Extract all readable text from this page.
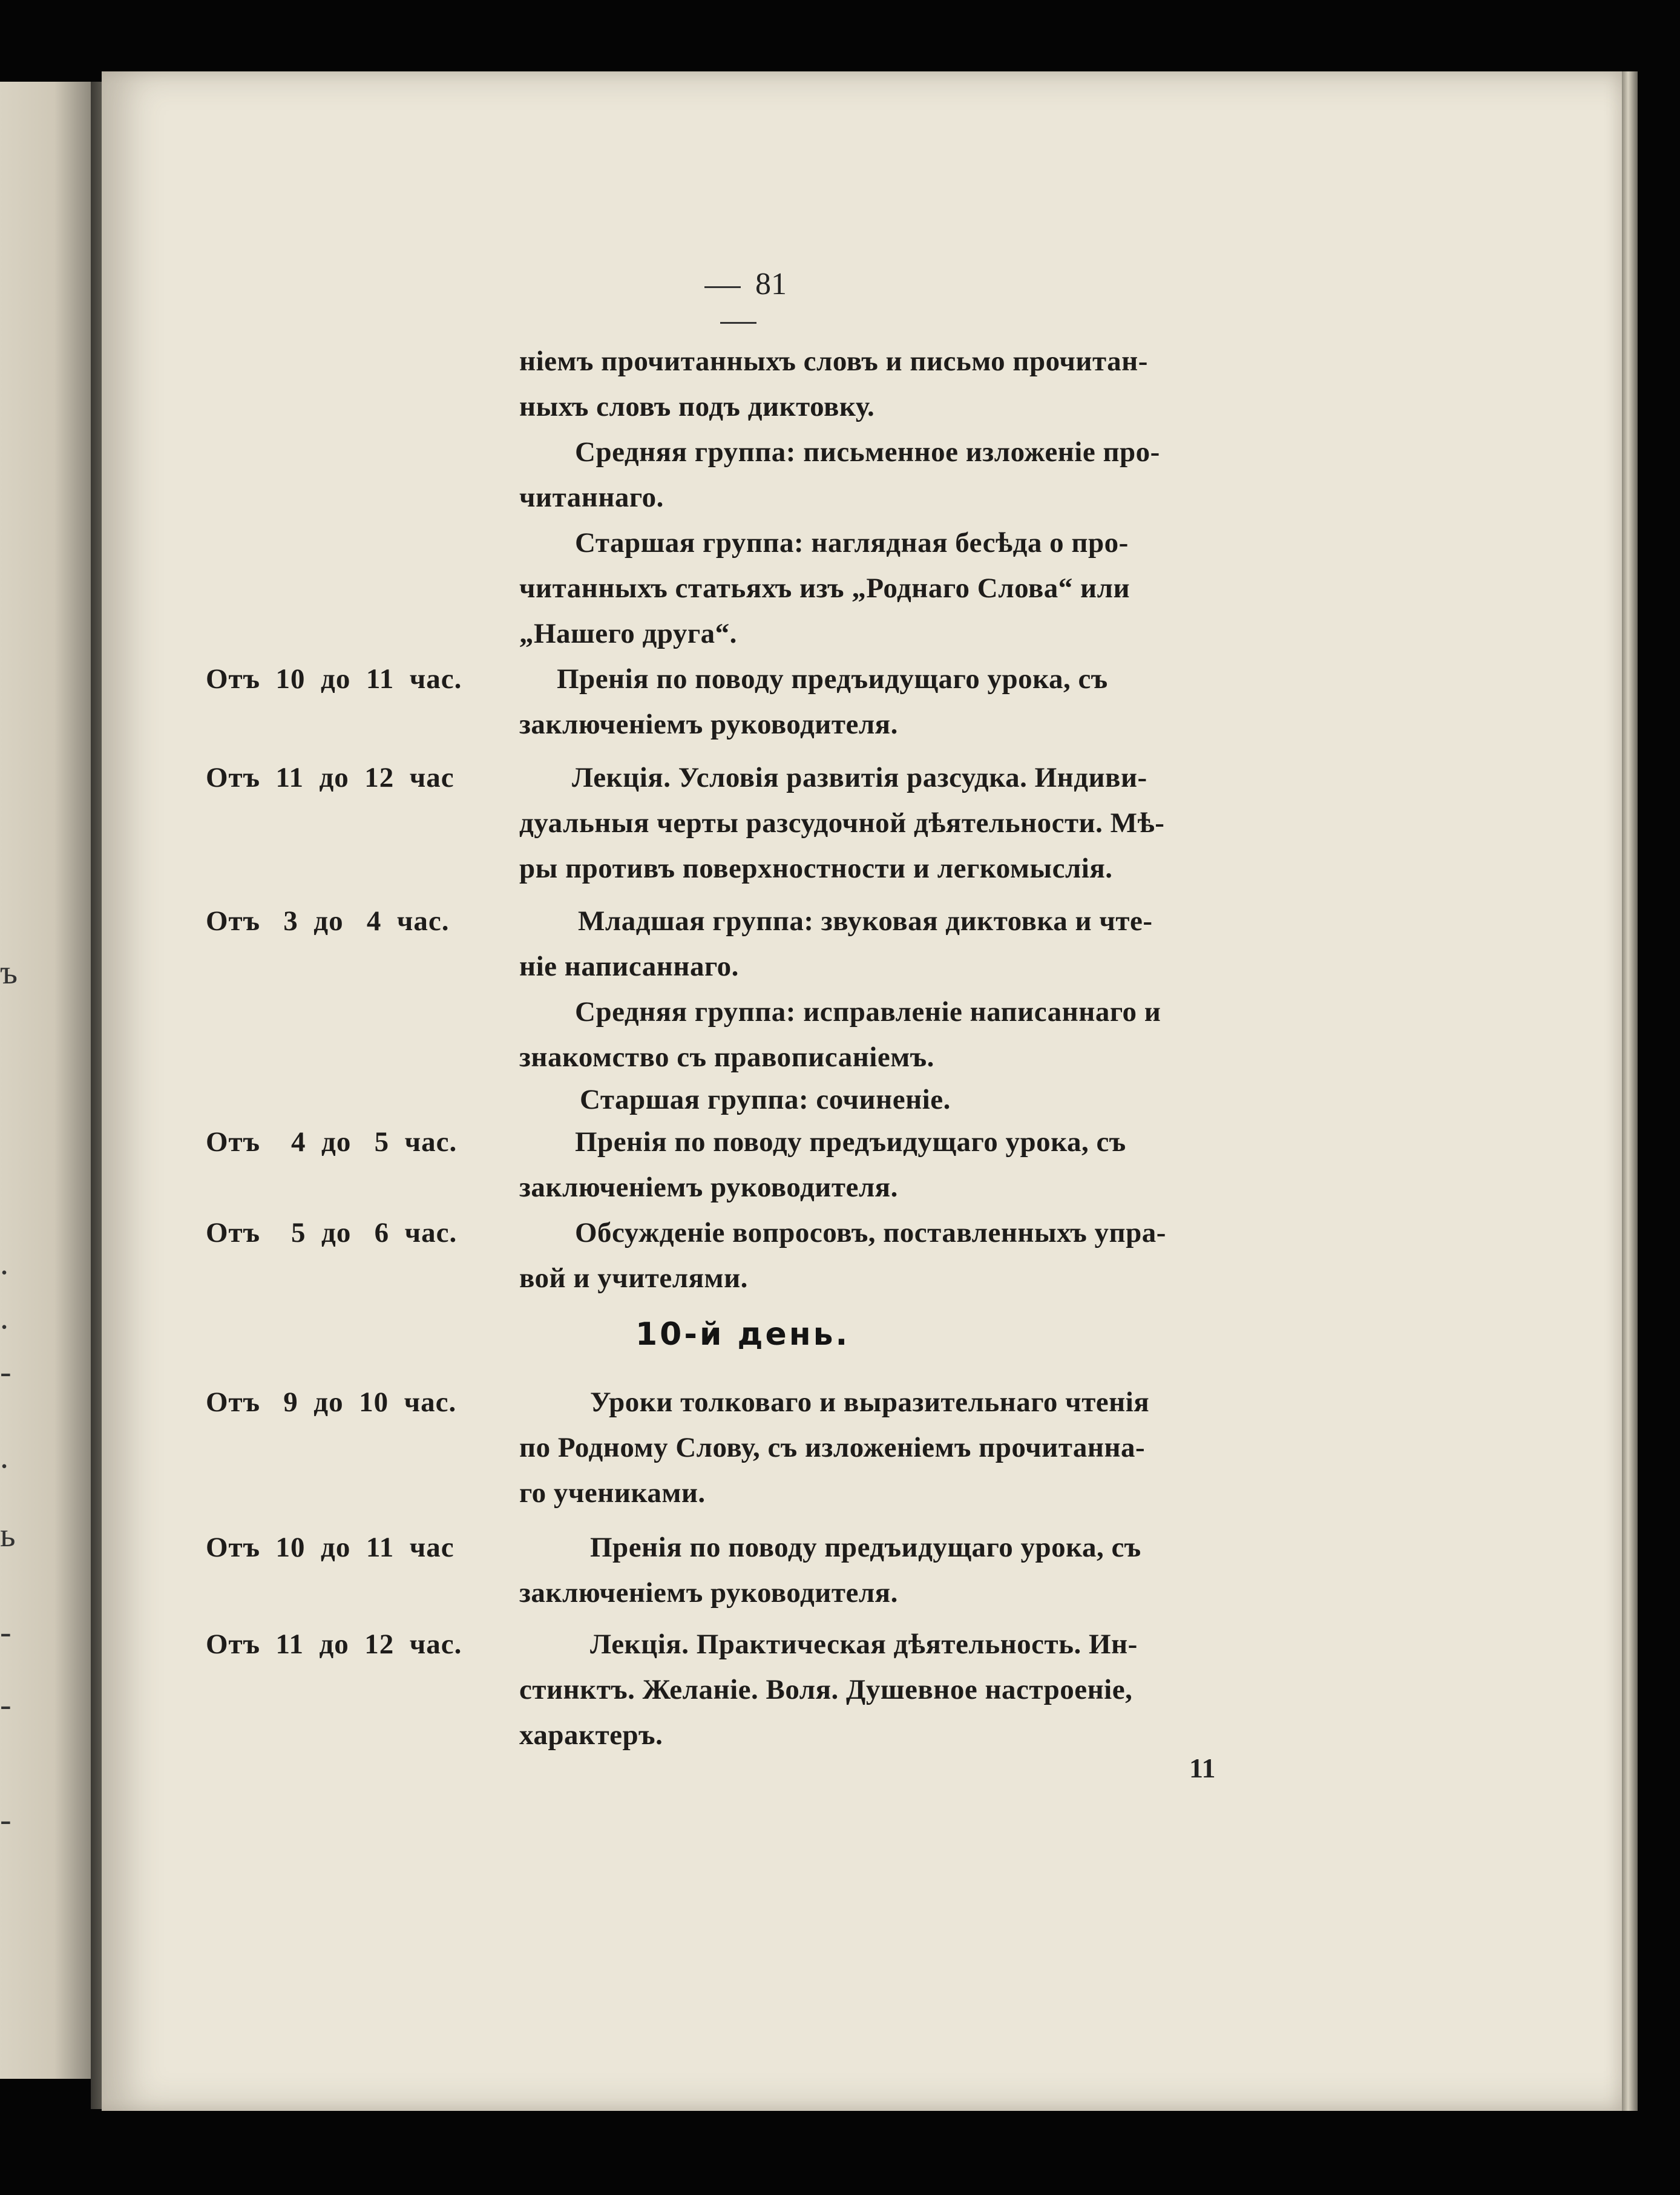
ъ
.
.
-
.
ь
-
-
-
81
ніемъ прочитанныхъ словъ и письмо прочитан-
ныхъ словъ подъ диктовку.
Средняя группа: письменное изложеніе про-
читаннаго.
Старшая группа: наглядная бесѣда о про-
читанныхъ статьяхъ изъ „Роднаго Слова“ или
„Нашего друга“.
Отъ 10 до 11 час.	Пренія по поводу предъидущаго урока, съ
заключеніемъ руководителя.
Отъ 11 до 12 час	Лекція. Условія развитія разсудка. Индиви-
дуальныя черты разсудочной дѣятельности. Мѣ-
ры противъ поверхностности и легкомыслія.
Отъ 3 до 4 час.	Младшая группа: звуковая диктовка и чте-
ніе написаннаго.
Средняя группа: исправленіе написаннаго и
знакомство съ правописаніемъ.
Старшая группа: сочиненіе.
Отъ 4 до 5 час.	Пренія по поводу предъидущаго урока, съ
заключеніемъ руководителя.
Отъ 5 до 6 час.	Обсужденіе вопросовъ, поставленныхъ упра-
вой и учителями.
10-й день.
Отъ 9 до 10 час.	Уроки толковаго и выразительнаго чтенія
по Родному Слову, съ изложеніемъ прочитанна-
го учениками.
Отъ 10 до 11 час	Пренія по поводу предъидущаго урока, съ
заключеніемъ руководителя.
Отъ 11 до 12 час.	Лекція. Практическая дѣятельность. Ин-
стинктъ. Желаніе. Воля. Душевное настроеніе,
характеръ.
11
